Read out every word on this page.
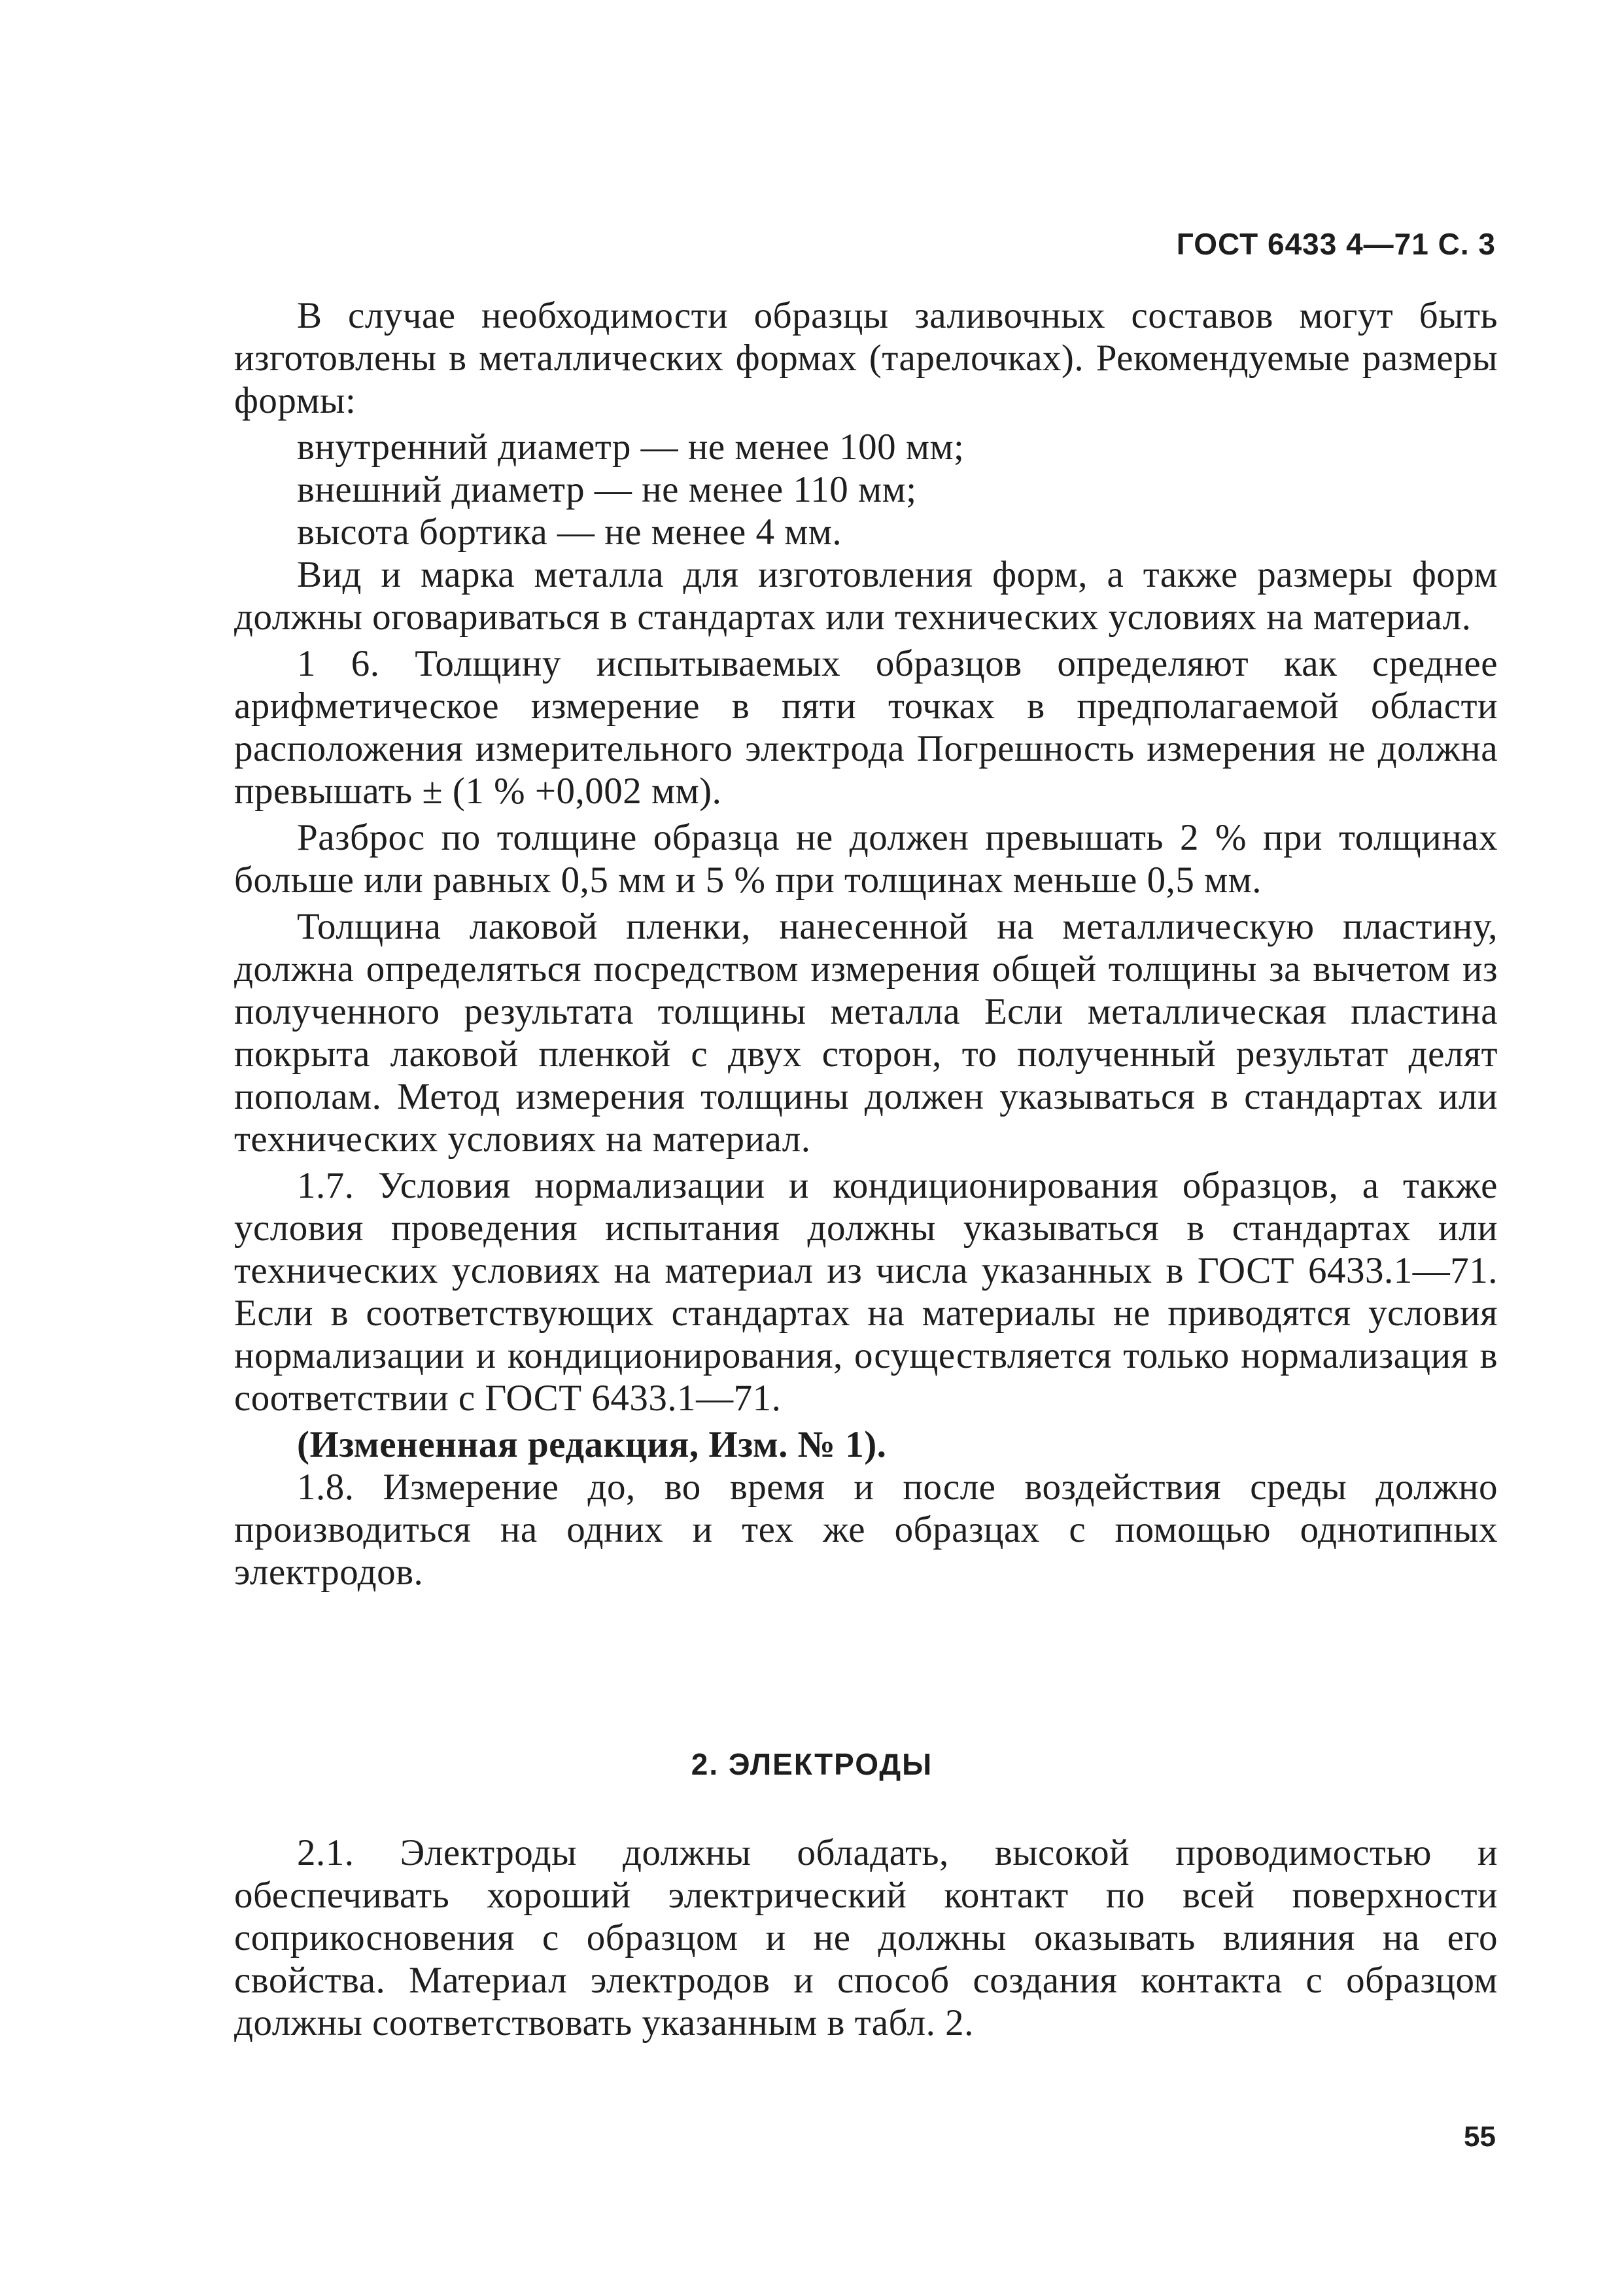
ГОСТ 6433 4—71 С. 3

В случае необходимости образцы заливочных составов могут быть изготовлены в металлических формах (тарелочках). Рекомендуемые размеры формы:

внутренний диаметр — не менее 100 мм;

внешний диаметр — не менее 110 мм;

высота бортика — не менее 4 мм.

Вид и марка металла для изготовления форм, а также размеры форм должны оговариваться в стандартах или технических условиях на материал.

1 6. Толщину испытываемых образцов определяют как среднее арифметическое измерение в пяти точках в предполагаемой области расположения измерительного электрода Погрешность измерения не должна превышать ± (1 % +0,002 мм).

Разброс по толщине образца не должен превышать 2 % при толщинах больше или равных 0,5 мм и 5 % при толщинах меньше 0,5 мм.

Толщина лаковой пленки, нанесенной на металлическую пластину, должна определяться посредством измерения общей толщины за вычетом из полученного результата толщины металла Если металлическая пластина покрыта лаковой пленкой с двух сторон, то полученный результат делят пополам. Метод измерения толщины должен указываться в стандартах или технических условиях на материал.

1.7. Условия нормализации и кондиционирования образцов, а также условия проведения испытания должны указываться в стандартах или технических условиях на материал из числа указанных в ГОСТ 6433.1—71. Если в соответствующих стандартах на материалы не приводятся условия нормализации и кондиционирования, осуществляется только нормализация в соответствии с ГОСТ 6433.1—71.

(Измененная редакция, Изм. № 1).

1.8. Измерение до, во время и после воздействия среды должно производиться на одних и тех же образцах с помощью однотипных электродов.

2. ЭЛЕКТРОДЫ

2.1. Электроды должны обладать, высокой проводимостью и обеспечивать хороший электрический контакт по всей поверхности соприкосновения с образцом и не должны оказывать влияния на его свойства. Материал электродов и способ создания контакта с образцом должны соответствовать указанным в табл. 2.

55
